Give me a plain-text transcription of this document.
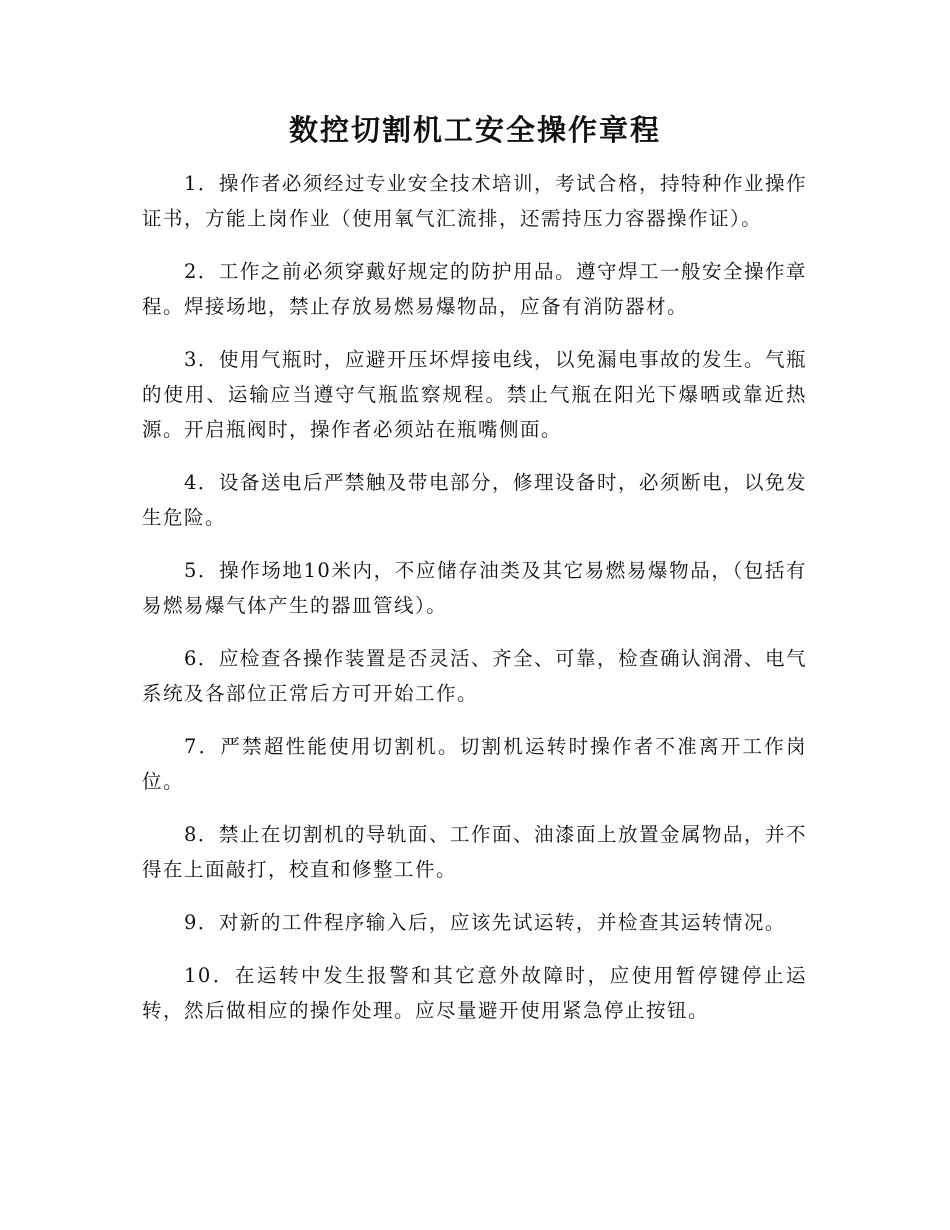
数控切割机工安全操作章程

1．操作者必须经过专业安全技术培训，考试合格，持特种作业操作证书，方能上岗作业（使用氧气汇流排，还需持压力容器操作证）。

2．工作之前必须穿戴好规定的防护用品。遵守焊工一般安全操作章程。焊接场地，禁止存放易燃易爆物品，应备有消防器材。

3．使用气瓶时，应避开压坏焊接电线，以免漏电事故的发生。气瓶的使用、运输应当遵守气瓶监察规程。禁止气瓶在阳光下爆晒或靠近热源。开启瓶阀时，操作者必须站在瓶嘴侧面。

4．设备送电后严禁触及带电部分，修理设备时，必须断电，以免发生危险。

5．操作场地10米内，不应储存油类及其它易燃易爆物品，（包括有易燃易爆气体产生的器皿管线）。

6．应检查各操作装置是否灵活、齐全、可靠，检查确认润滑、电气系统及各部位正常后方可开始工作。

7．严禁超性能使用切割机。切割机运转时操作者不准离开工作岗位。

8．禁止在切割机的导轨面、工作面、油漆面上放置金属物品，并不得在上面敲打，校直和修整工件。

9．对新的工件程序输入后，应该先试运转，并检查其运转情况。

10．在运转中发生报警和其它意外故障时，应使用暂停键停止运转，然后做相应的操作处理。应尽量避开使用紧急停止按钮。
